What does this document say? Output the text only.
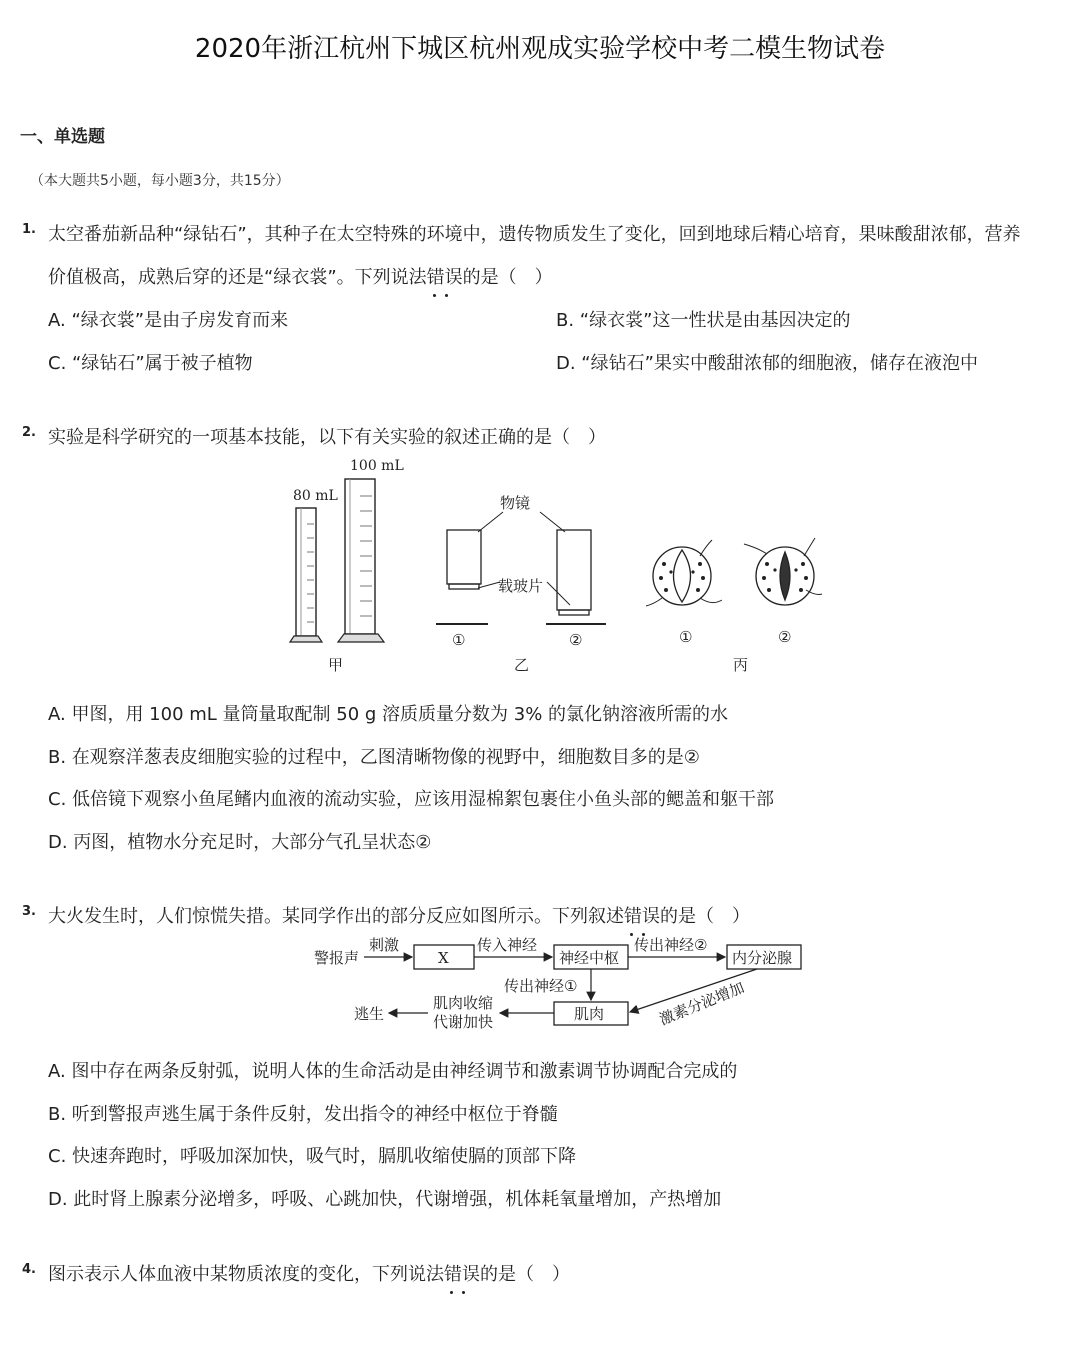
2020年浙江杭州下城区杭州观成实验学校中考二模生物试卷
一、单选题
（本大题共5小题，每小题3分，共15分）
1. 太空番茄新品种“绿钻石”，其种子在太空特殊的环境中，遗传物质发生了变化，回到地球后精心培育，果味酸甜浓郁，营养
价值极高，成熟后穿的还是“绿衣裳”。下列说法错误的是（　）
A. “绿衣裳”是由子房发育而来	B. “绿衣裳”这一性状是由基因决定的
C. “绿钻石”属于被子植物	D. “绿钻石”果实中酸甜浓郁的细胞液，储存在液泡中
2. 实验是科学研究的一项基本技能，以下有关实验的叙述正确的是（　）
80 mL
100 mL
甲
物镜
载玻片
①	②
乙
①	②
丙
A. 甲图，用 100 mL 量筒量取配制 50 g 溶质质量分数为 3% 的氯化钠溶液所需的水
B. 在观察洋葱表皮细胞实验的过程中，乙图清晰物像的视野中，细胞数目多的是②
C. 低倍镜下观察小鱼尾鳍内血液的流动实验，应该用湿棉絮包裹住小鱼头部的鳃盖和躯干部
D. 丙图，植物水分充足时，大部分气孔呈状态②
3. 大火发生时，人们惊慌失措。某同学作出的部分反应如图所示。下列叙述错误的是（　）
警报声
刺激
X
传入神经
神经中枢
传出神经②
内分泌腺
传出神经①
肌肉	激素分泌增加
逃生
肌肉收缩
代谢加快
A. 图中存在两条反射弧，说明人体的生命活动是由神经调节和激素调节协调配合完成的
B. 听到警报声逃生属于条件反射，发出指令的神经中枢位于脊髓
C. 快速奔跑时，呼吸加深加快，吸气时，膈肌收缩使膈的顶部下降
D. 此时肾上腺素分泌增多，呼吸、心跳加快，代谢增强，机体耗氧量增加，产热增加
4. 图示表示人体血液中某物质浓度的变化，下列说法错误的是（　）
